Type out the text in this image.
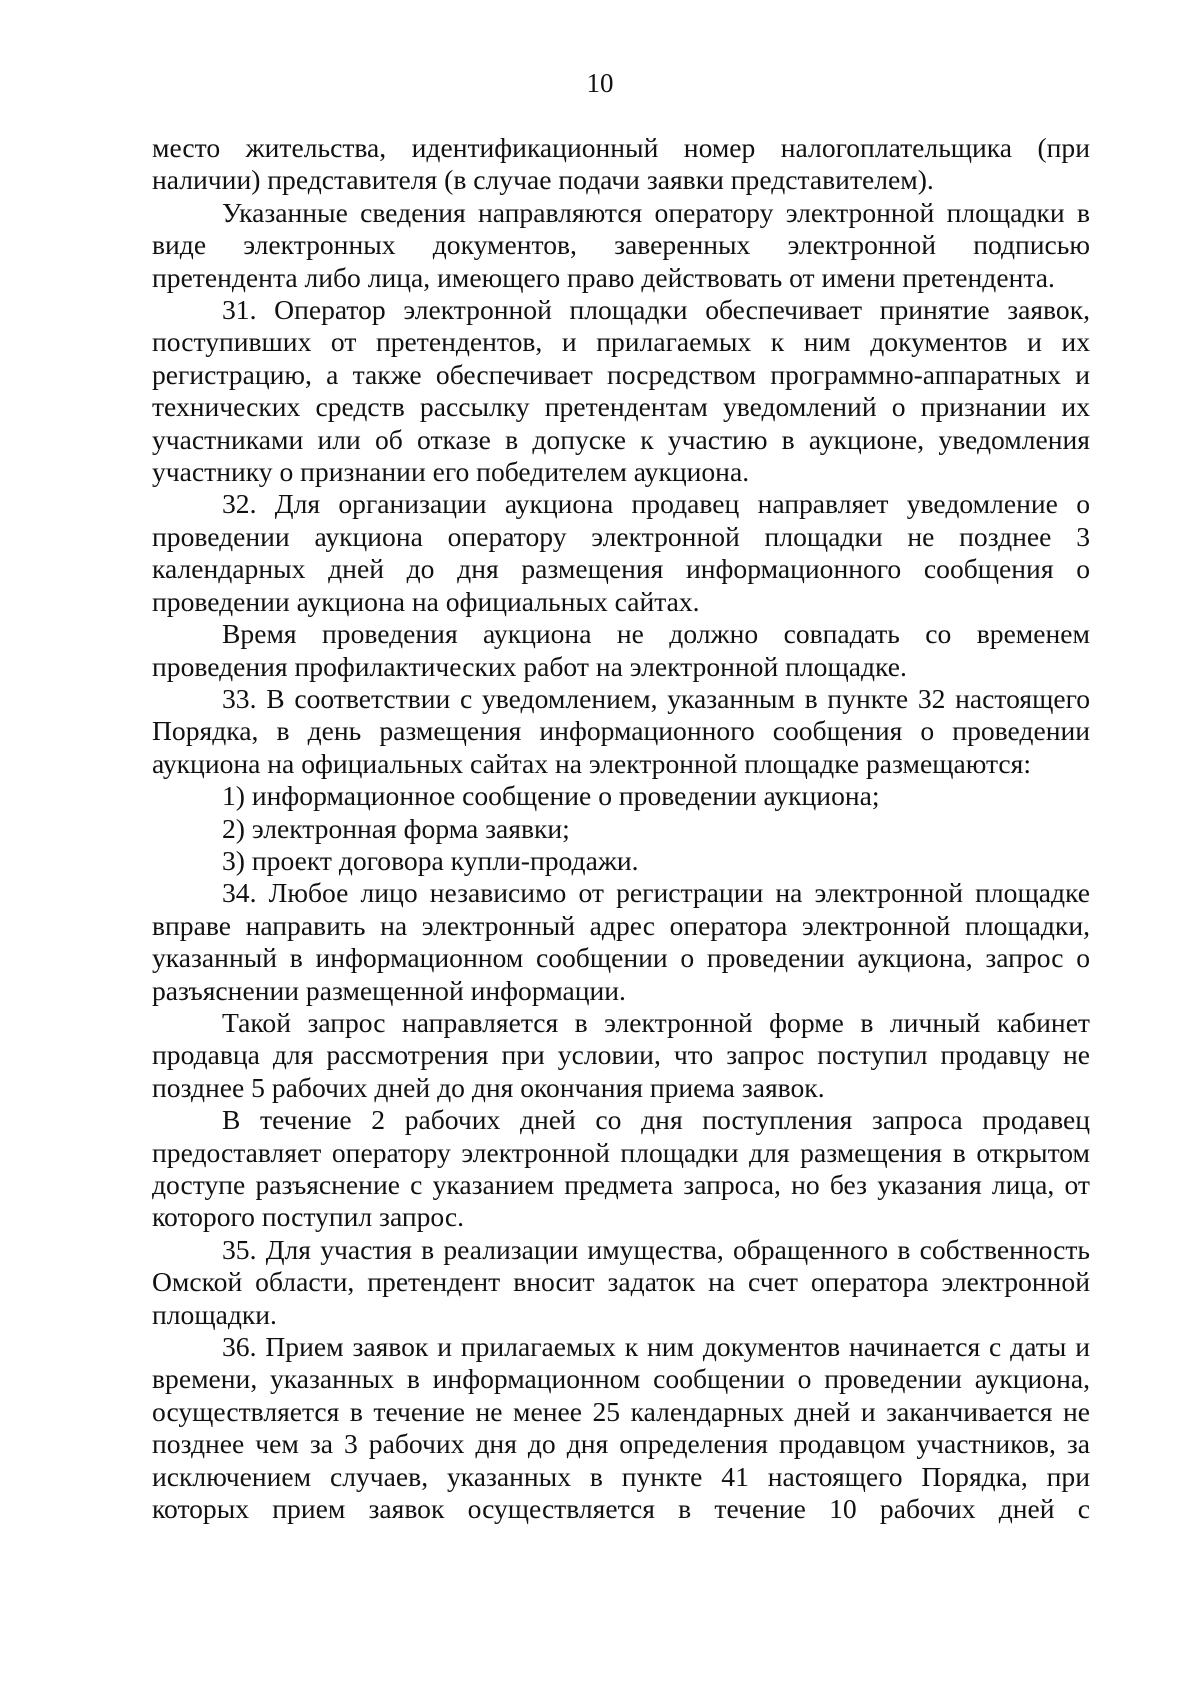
10

место жительства, идентификационный номер налогоплательщика (при наличии) представителя (в случае подачи заявки представителем).

Указанные сведения направляются оператору электронной площадки в виде электронных документов, заверенных электронной подписью претендента либо лица, имеющего право действовать от имени претендента.

31. Оператор электронной площадки обеспечивает принятие заявок, поступивших от претендентов, и прилагаемых к ним документов и их регистрацию, а также обеспечивает посредством программно-аппаратных и технических средств рассылку претендентам уведомлений о признании их участниками или об отказе в допуске к участию в аукционе, уведомления участнику о признании его победителем аукциона.

32. Для организации аукциона продавец направляет уведомление о проведении аукциона оператору электронной площадки не позднее 3 календарных дней до дня размещения информационного сообщения о проведении аукциона на официальных сайтах.

Время проведения аукциона не должно совпадать со временем проведения профилактических работ на электронной площадке.

33. В соответствии с уведомлением, указанным в пункте 32 настоящего Порядка, в день размещения информационного сообщения о проведении аукциона на официальных сайтах на электронной площадке размещаются:

1) информационное сообщение о проведении аукциона;

2) электронная форма заявки;

3) проект договора купли-продажи.

34. Любое лицо независимо от регистрации на электронной площадке вправе направить на электронный адрес оператора электронной площадки, указанный в информационном сообщении о проведении аукциона, запрос о разъяснении размещенной информации.

Такой запрос направляется в электронной форме в личный кабинет продавца для рассмотрения при условии, что запрос поступил продавцу не позднее 5 рабочих дней до дня окончания приема заявок.

В течение 2 рабочих дней со дня поступления запроса продавец предоставляет оператору электронной площадки для размещения в открытом доступе разъяснение с указанием предмета запроса, но без указания лица, от которого поступил запрос.

35. Для участия в реализации имущества, обращенного в собственность Омской области, претендент вносит задаток на счет оператора электронной площадки.

36. Прием заявок и прилагаемых к ним документов начинается с даты и времени, указанных в информационном сообщении о проведении аукциона, осуществляется в течение не менее 25 календарных дней и заканчивается не позднее чем за 3 рабочих дня до дня определения продавцом участников, за исключением случаев, указанных в пункте 41 настоящего Порядка, при которых прием заявок осуществляется в течение 10 рабочих дней с
